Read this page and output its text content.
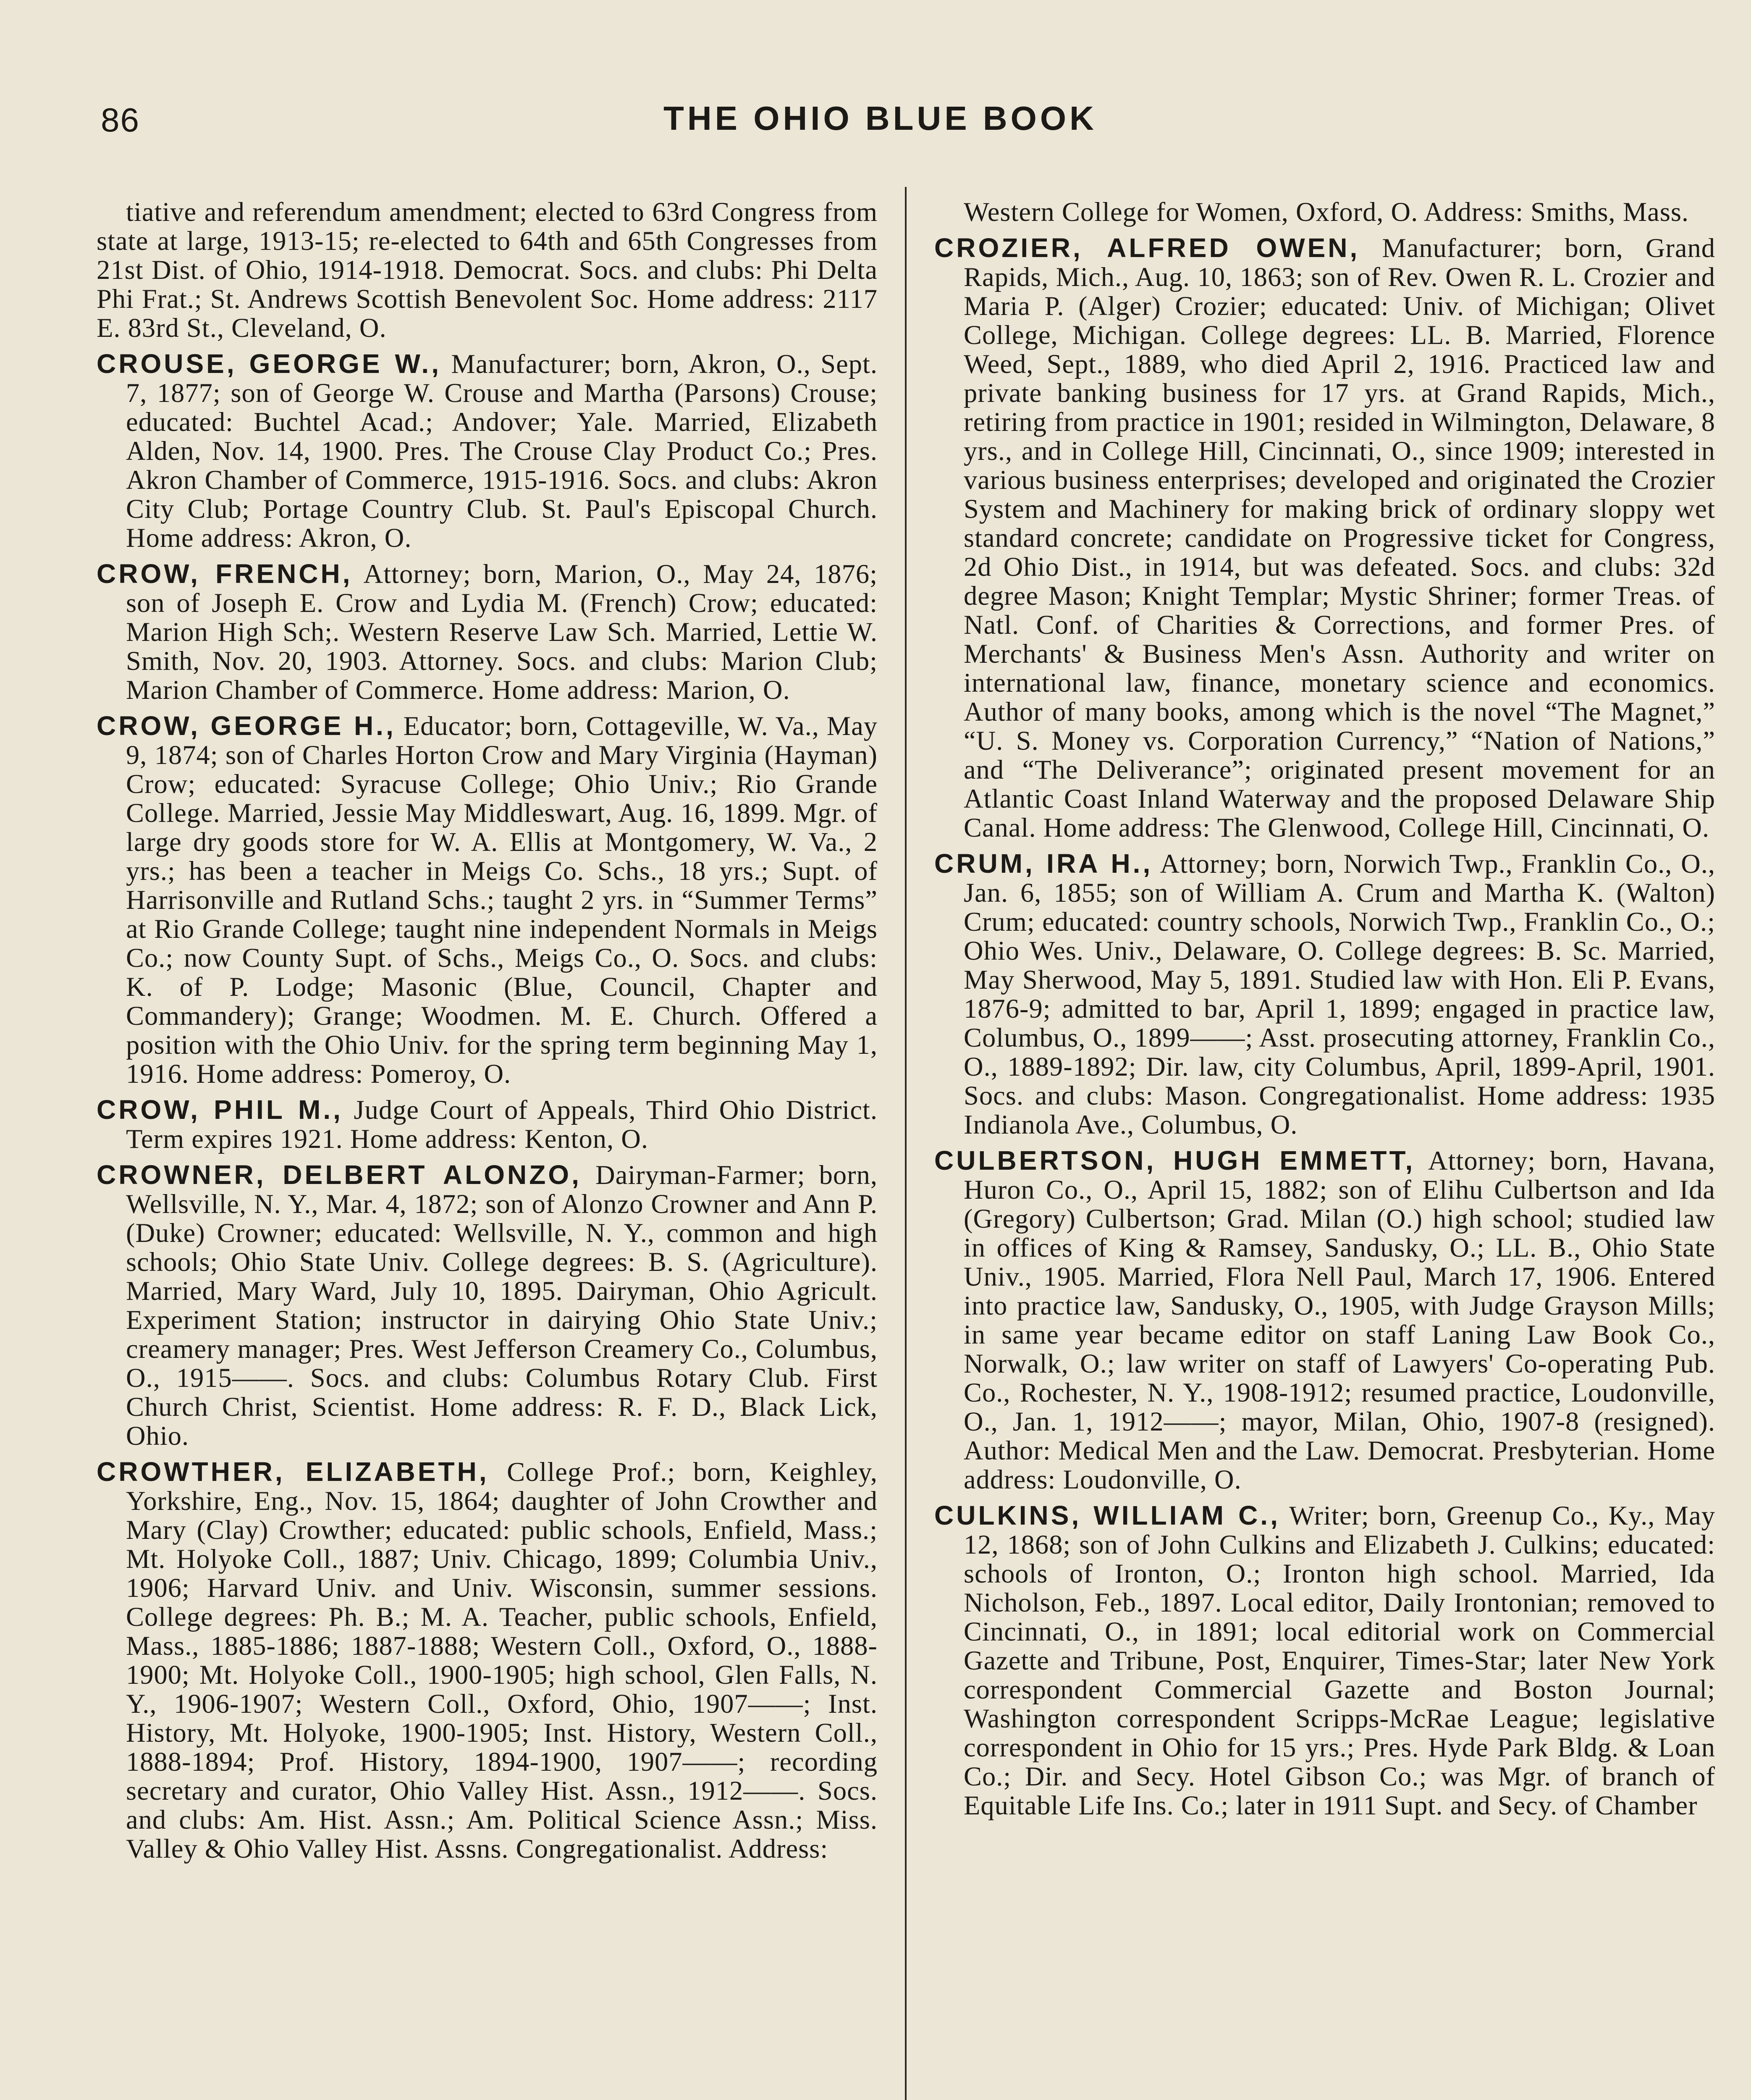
86	THE OHIO BLUE BOOK

tiative and referendum amendment; elected to 63rd Congress from state at large, 1913-15; re-elected to 64th and 65th Congresses from 21st Dist. of Ohio, 1914-1918. Democrat. Socs. and clubs: Phi Delta Phi Frat.; St. Andrews Scottish Benevolent Soc. Home address: 2117 E. 83rd St., Cleveland, O.

CROUSE, GEORGE W., Manufacturer; born, Akron, O., Sept. 7, 1877; son of George W. Crouse and Martha (Parsons) Crouse; educated: Buchtel Acad.; Andover; Yale. Married, Elizabeth Alden, Nov. 14, 1900. Pres. The Crouse Clay Product Co.; Pres. Akron Chamber of Commerce, 1915-1916. Socs. and clubs: Akron City Club; Portage Country Club. St. Paul's Episcopal Church. Home address: Akron, O.

CROW, FRENCH, Attorney; born, Marion, O., May 24, 1876; son of Joseph E. Crow and Lydia M. (French) Crow; educated: Marion High Sch;. Western Reserve Law Sch. Married, Lettie W. Smith, Nov. 20, 1903. Attorney. Socs. and clubs: Marion Club; Marion Chamber of Commerce. Home address: Marion, O.

CROW, GEORGE H., Educator; born, Cottageville, W. Va., May 9, 1874; son of Charles Horton Crow and Mary Virginia (Hayman) Crow; educated: Syracuse College; Ohio Univ.; Rio Grande College. Married, Jessie May Middleswart, Aug. 16, 1899. Mgr. of large dry goods store for W. A. Ellis at Montgomery, W. Va., 2 yrs.; has been a teacher in Meigs Co. Schs., 18 yrs.; Supt. of Harrisonville and Rutland Schs.; taught 2 yrs. in “Summer Terms” at Rio Grande College; taught nine independent Normals in Meigs Co.; now County Supt. of Schs., Meigs Co., O. Socs. and clubs: K. of P. Lodge; Masonic (Blue, Council, Chapter and Commandery); Grange; Woodmen. M. E. Church. Offered a position with the Ohio Univ. for the spring term beginning May 1, 1916. Home address: Pomeroy, O.

CROW, PHIL M., Judge Court of Appeals, Third Ohio District. Term expires 1921. Home address: Kenton, O.

CROWNER, DELBERT ALONZO, Dairyman-Farmer; born, Wellsville, N. Y., Mar. 4, 1872; son of Alonzo Crowner and Ann P. (Duke) Crowner; educated: Wellsville, N. Y., common and high schools; Ohio State Univ. College degrees: B. S. (Agriculture). Married, Mary Ward, July 10, 1895. Dairyman, Ohio Agricult. Experiment Station; instructor in dairying Ohio State Univ.; creamery manager; Pres. West Jefferson Creamery Co., Columbus, O., 1915——. Socs. and clubs: Columbus Rotary Club. First Church Christ, Scientist. Home address: R. F. D., Black Lick, Ohio.

CROWTHER, ELIZABETH, College Prof.; born, Keighley, Yorkshire, Eng., Nov. 15, 1864; daughter of John Crowther and Mary (Clay) Crowther; educated: public schools, Enfield, Mass.; Mt. Holyoke Coll., 1887; Univ. Chicago, 1899; Columbia Univ., 1906; Harvard Univ. and Univ. Wisconsin, summer sessions. College degrees: Ph. B.; M. A. Teacher, public schools, Enfield, Mass., 1885-1886; 1887-1888; Western Coll., Oxford, O., 1888-1900; Mt. Holyoke Coll., 1900-1905; high school, Glen Falls, N. Y., 1906-1907; Western Coll., Oxford, Ohio, 1907——; Inst. History, Mt. Holyoke, 1900-1905; Inst. History, Western Coll., 1888-1894; Prof. History, 1894-1900, 1907——; recording secretary and curator, Ohio Valley Hist. Assn., 1912——. Socs. and clubs: Am. Hist. Assn.; Am. Political Science Assn.; Miss. Valley & Ohio Valley Hist. Assns. Congregationalist. Address:

Western College for Women, Oxford, O. Address: Smiths, Mass.

CROZIER, ALFRED OWEN, Manufacturer; born, Grand Rapids, Mich., Aug. 10, 1863; son of Rev. Owen R. L. Crozier and Maria P. (Alger) Crozier; educated: Univ. of Michigan; Olivet College, Michigan. College degrees: LL. B. Married, Florence Weed, Sept., 1889, who died April 2, 1916. Practiced law and private banking business for 17 yrs. at Grand Rapids, Mich., retiring from practice in 1901; resided in Wilmington, Delaware, 8 yrs., and in College Hill, Cincinnati, O., since 1909; interested in various business enterprises; developed and originated the Crozier System and Machinery for making brick of ordinary sloppy wet standard concrete; candidate on Progressive ticket for Congress, 2d Ohio Dist., in 1914, but was defeated. Socs. and clubs: 32d degree Mason; Knight Templar; Mystic Shriner; former Treas. of Natl. Conf. of Charities & Corrections, and former Pres. of Merchants' & Business Men's Assn. Authority and writer on international law, finance, monetary science and economics. Author of many books, among which is the novel “The Magnet,” “U. S. Money vs. Corporation Currency,” “Nation of Nations,” and “The Deliverance”; originated present movement for an Atlantic Coast Inland Waterway and the proposed Delaware Ship Canal. Home address: The Glenwood, College Hill, Cincinnati, O.

CRUM, IRA H., Attorney; born, Norwich Twp., Franklin Co., O., Jan. 6, 1855; son of William A. Crum and Martha K. (Walton) Crum; educated: country schools, Norwich Twp., Franklin Co., O.; Ohio Wes. Univ., Delaware, O. College degrees: B. Sc. Married, May Sherwood, May 5, 1891. Studied law with Hon. Eli P. Evans, 1876-9; admitted to bar, April 1, 1899; engaged in practice law, Columbus, O., 1899——; Asst. prosecuting attorney, Franklin Co., O., 1889-1892; Dir. law, city Columbus, April, 1899-April, 1901. Socs. and clubs: Mason. Congregationalist. Home address: 1935 Indianola Ave., Columbus, O.

CULBERTSON, HUGH EMMETT, Attorney; born, Havana, Huron Co., O., April 15, 1882; son of Elihu Culbertson and Ida (Gregory) Culbertson; Grad. Milan (O.) high school; studied law in offices of King & Ramsey, Sandusky, O.; LL. B., Ohio State Univ., 1905. Married, Flora Nell Paul, March 17, 1906. Entered into practice law, Sandusky, O., 1905, with Judge Grayson Mills; in same year became editor on staff Laning Law Book Co., Norwalk, O.; law writer on staff of Lawyers' Co-operating Pub. Co., Rochester, N. Y., 1908-1912; resumed practice, Loudonville, O., Jan. 1, 1912——; mayor, Milan, Ohio, 1907-8 (resigned). Author: Medical Men and the Law. Democrat. Presbyterian. Home address: Loudonville, O.

CULKINS, WILLIAM C., Writer; born, Greenup Co., Ky., May 12, 1868; son of John Culkins and Elizabeth J. Culkins; educated: schools of Ironton, O.; Ironton high school. Married, Ida Nicholson, Feb., 1897. Local editor, Daily Irontonian; removed to Cincinnati, O., in 1891; local editorial work on Commercial Gazette and Tribune, Post, Enquirer, Times-Star; later New York correspondent Commercial Gazette and Boston Journal; Washington correspondent Scripps-McRae League; legislative correspondent in Ohio for 15 yrs.; Pres. Hyde Park Bldg. & Loan Co.; Dir. and Secy. Hotel Gibson Co.; was Mgr. of branch of Equitable Life Ins. Co.; later in 1911 Supt. and Secy. of Chamber
